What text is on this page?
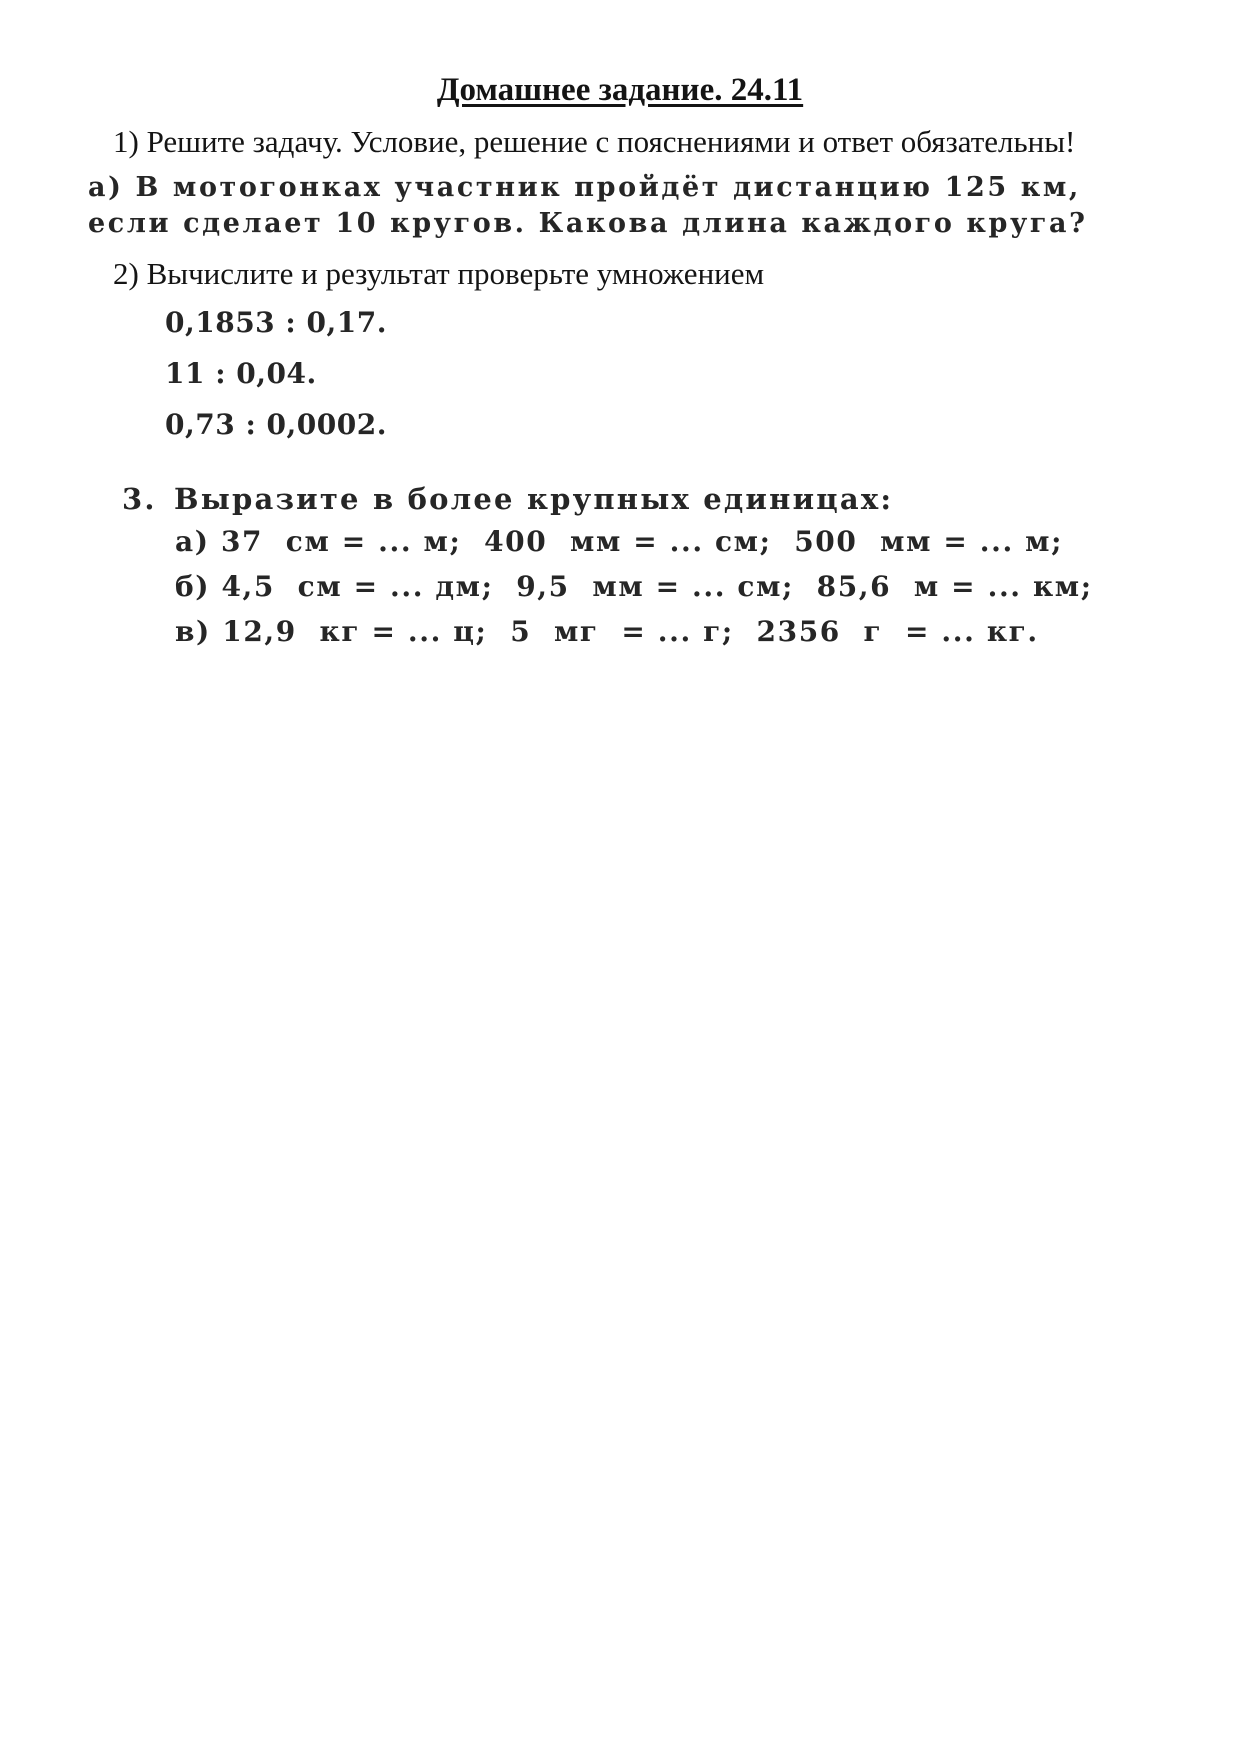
Домашнее задание. 24.11
1) Решите задачу. Условие, решение с пояснениями и ответ обязательны!
а) В мотогонках участник пройдёт дистанцию 125 км,
если сделает 10 кругов. Какова длина каждого круга?
2) Вычислите и результат проверьте умножением
0,1853 : 0,17.
11 : 0,04.
0,73 : 0,0002.
3. Выразите в более крупных единицах:
а) 37  см = ... м;  400  мм = ... см;  500  мм = ... м;
б) 4,5  см = ... дм;  9,5  мм = ... см;  85,6  м = ... км;
в) 12,9  кг = ... ц;  5  мг  = ... г;  2356  г  = ... кг.
